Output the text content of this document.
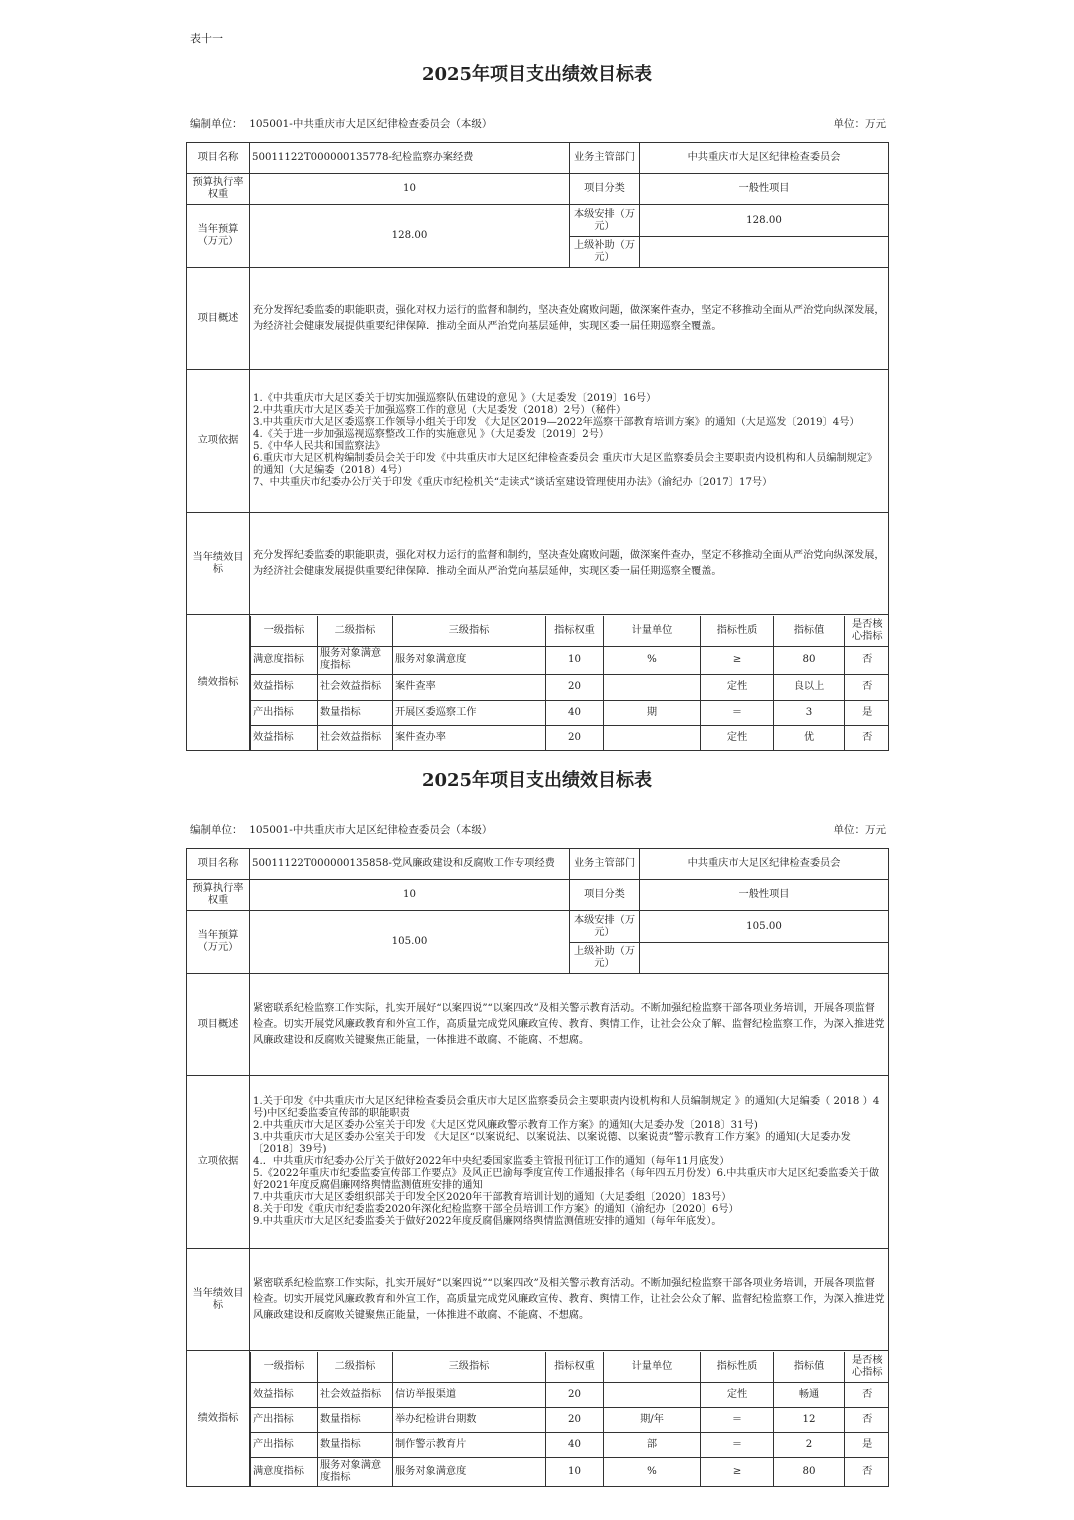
表十一
2025年项目支出绩效目标表
编制单位： 105001-中共重庆市大足区纪律检查委员会（本级）	单位：万元
项目名称	50011122T000000135778-纪检监察办案经费	业务主管部门	中共重庆市大足区纪律检查委员会
预算执行率权重	10	项目分类	一般性项目
当年预算（万元）	128.00	本级安排（万元）	128.00
上级补助（万元）	
项目概述	充分发挥纪委监委的职能职责，强化对权力运行的监督和制约，坚决查处腐败问题，做深案件查办，坚定不移推动全面从严治党向纵深发展，为经济社会健康发展提供重要纪律保障．推动全面从严治党向基层延伸，实现区委一届任期巡察全覆盖。
立项依据	
1.《中共重庆市大足区委关于切实加强巡察队伍建设的意见 》（大足委发〔2019〕16号）
2.中共重庆市大足区委关于加强巡察工作的意见（大足委发（2018）2号）（秘件）
3.中共重庆市大足区委巡察工作领导小组关于印发 《大足区2019—2022年巡察干部教育培训方案》的通知（大足巡发〔2019〕4号）
4.《关于进一步加强巡视巡察整改工作的实施意见 》（大足委发〔2019〕2号）
5.《中华人民共和国监察法》
6.重庆市大足区机构编制委员会关于印发《中共重庆市大足区纪律检查委员会 重庆市大足区监察委员会主要职责内设机构和人员编制规定》的通知（大足编委（2018）4号）
7、中共重庆市纪委办公厅关于印发《重庆市纪检机关“走读式”谈话室建设管理使用办法》（渝纪办〔2017〕17号）

当年绩效目标	充分发挥纪委监委的职能职责，强化对权力运行的监督和制约，坚决查处腐败问题，做深案件查办，坚定不移推动全面从严治党向纵深发展，为经济社会健康发展提供重要纪律保障．推动全面从严治党向基层延伸，实现区委一届任期巡察全覆盖。
绩效指标	
一级指标	二级指标	三级指标	指标权重	计量单位	指标性质	指标值	是否核心指标
满意度指标	服务对象满意度指标	服务对象满意度	10	%	≥	80	否
效益指标	社会效益指标	案件查率	20		定性	良以上	否
产出指标	数量指标	开展区委巡察工作	40	期	＝	3	是
效益指标	社会效益指标	案件查办率	20		定性	优	否
2025年项目支出绩效目标表
编制单位： 105001-中共重庆市大足区纪律检查委员会（本级）	单位：万元
项目名称	50011122T000000135858-党风廉政建设和反腐败工作专项经费	业务主管部门	中共重庆市大足区纪律检查委员会
预算执行率权重	10	项目分类	一般性项目
当年预算（万元）	105.00	本级安排（万元）	105.00
上级补助（万元）	
项目概述	紧密联系纪检监察工作实际，扎实开展好“以案四说”“以案四改”及相关警示教育活动。不断加强纪检监察干部各项业务培训，开展各项监督检查。切实开展党风廉政教育和外宣工作，高质量完成党风廉政宣传、教育、舆情工作，让社会公众了解、监督纪检监察工作，为深入推进党风廉政建设和反腐败关键聚焦正能量，一体推进不敢腐、不能腐、不想腐。
立项依据	
1.关于印发《中共重庆市大足区纪律检查委员会重庆市大足区监察委员会主要职责内设机构和人员编制规定 》的通知(大足编委（ 2018 ）4号)中区纪委监委宣传部的职能职责
2.中共重庆市大足区委办公室关于印发《大足区党风廉政警示教育工作方案》的通知(大足委办发〔2018〕31号)
3.中共重庆市大足区委办公室关于印发 《大足区“以案说纪、以案说法、以案说德、以案说责”警示教育工作方案》的通知(大足委办发〔2018〕39号)
4.．中共重庆市纪委办公厅关于做好2022年中央纪委国家监委主管报刊征订工作的通知（每年11月底发）
5.《2022年重庆市纪委监委宣传部工作要点》及风正巴渝每季度宣传工作通报排名（每年四五月份发）6.中共重庆市大足区纪委监委关于做好2021年度反腐倡廉网络舆情监测值班安排的通知
7.中共重庆市大足区委组织部关于印发全区2020年干部教育培训计划的通知（大足委组〔2020〕183号）
8.关于印发《重庆市纪委监委2020年深化纪检监察干部全员培训工作方案》的通知（渝纪办〔2020〕6号）
9.中共重庆市大足区纪委监委关于做好2022年度反腐倡廉网络舆情监测值班安排的通知（每年年底发）。

当年绩效目标	紧密联系纪检监察工作实际，扎实开展好“以案四说”“以案四改”及相关警示教育活动。不断加强纪检监察干部各项业务培训，开展各项监督检查。切实开展党风廉政教育和外宣工作，高质量完成党风廉政宣传、教育、舆情工作，让社会公众了解、监督纪检监察工作，为深入推进党风廉政建设和反腐败关键聚焦正能量，一体推进不敢腐、不能腐、不想腐。
绩效指标	
一级指标	二级指标	三级指标	指标权重	计量单位	指标性质	指标值	是否核心指标
效益指标	社会效益指标	信访举报渠道	20		定性	畅通	否
产出指标	数量指标	举办纪检讲台期数	20	期/年	＝	12	否
产出指标	数量指标	制作警示教育片	40	部	＝	2	是
满意度指标	服务对象满意度指标	服务对象满意度	10	%	≥	80	否
